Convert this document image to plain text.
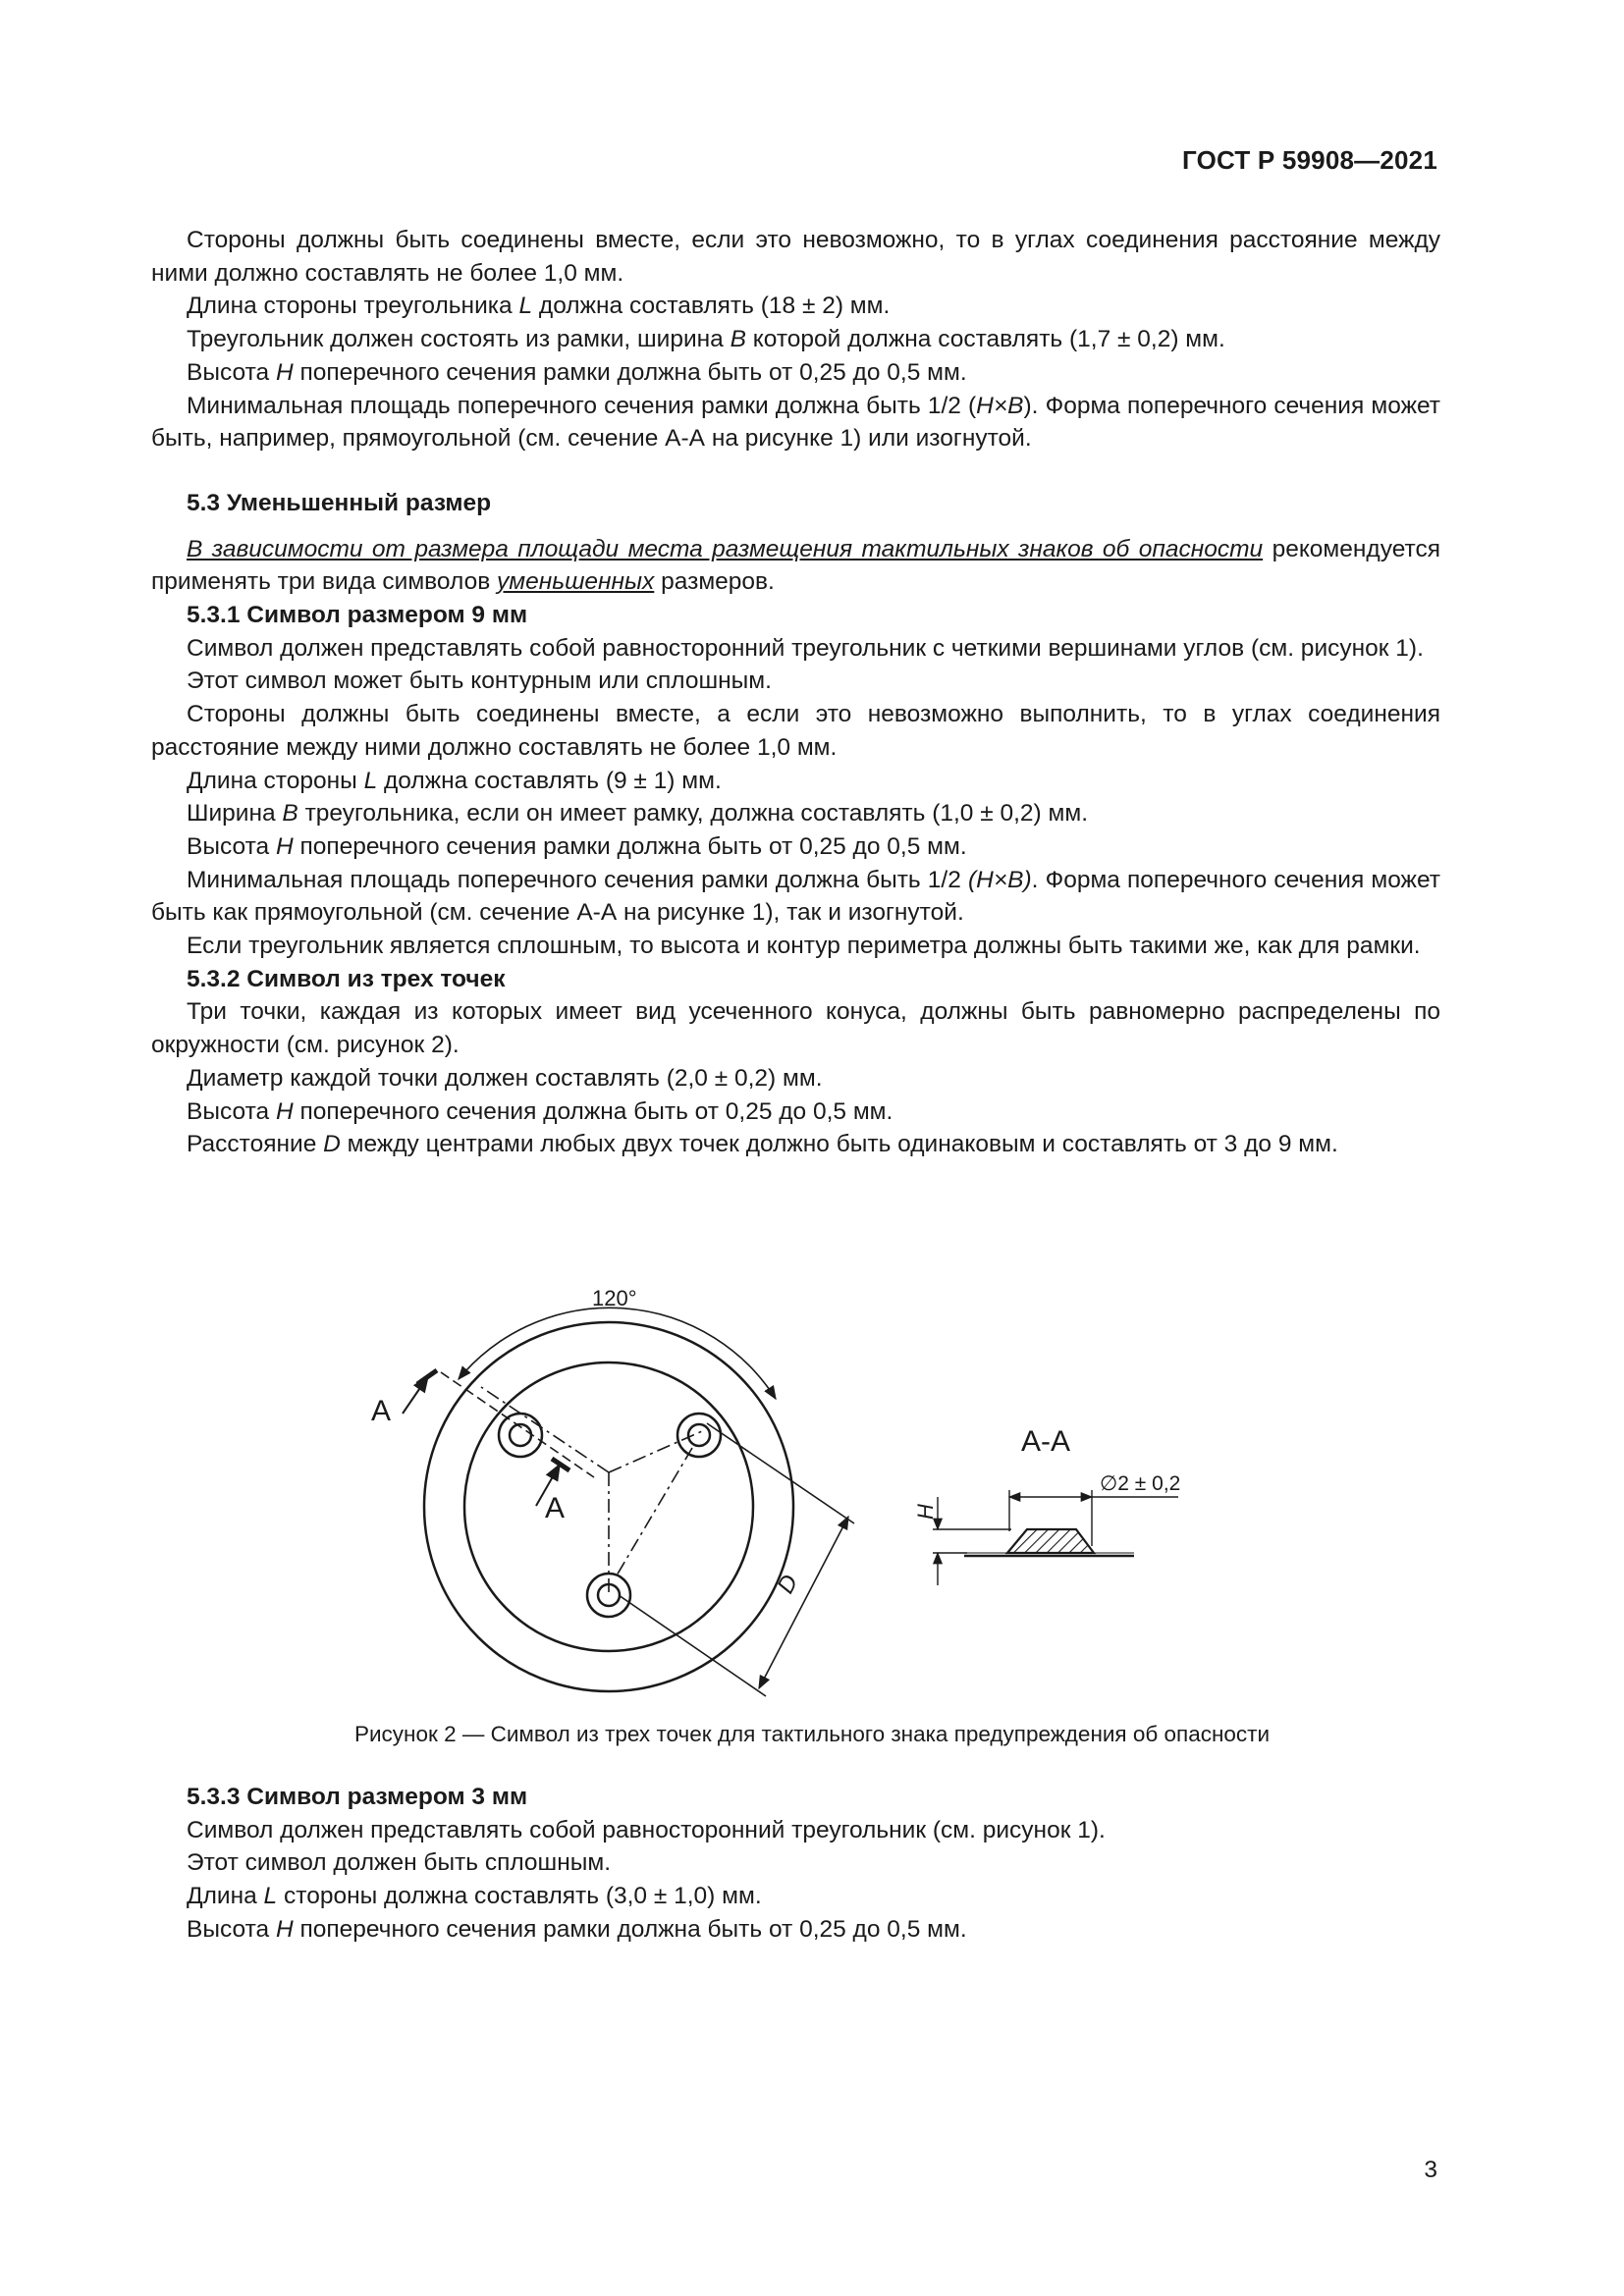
ГОСТ Р 59908—2021

Стороны должны быть соединены вместе, если это невозможно, то в углах соединения расстояние между ними должно составлять не более 1,0 мм.

Длина стороны треугольника L должна составлять (18 ± 2) мм.

Треугольник должен состоять из рамки, ширина B которой должна составлять (1,7 ± 0,2) мм.

Высота H поперечного сечения рамки должна быть от 0,25 до 0,5 мм.

Минимальная площадь поперечного сечения рамки должна быть 1/2 (H×B). Форма поперечного сечения может быть, например, прямоугольной (см. сечение А-А на рисунке 1) или изогнутой.

5.3 Уменьшенный размер

В зависимости от размера площади места размещения тактильных знаков об опасности рекомендуется применять три вида символов уменьшенных размеров.

5.3.1 Символ размером 9 мм

Символ должен представлять собой равносторонний треугольник с четкими вершинами углов (см. рисунок 1).

Этот символ может быть контурным или сплошным.

Стороны должны быть соединены вместе, а если это невозможно выполнить, то в углах соединения расстояние между ними должно составлять не более 1,0 мм.

Длина стороны L должна составлять (9 ± 1) мм.

Ширина B треугольника, если он имеет рамку, должна составлять (1,0 ± 0,2) мм.

Высота H поперечного сечения рамки должна быть от 0,25 до 0,5 мм.

Минимальная площадь поперечного сечения рамки должна быть 1/2 (H×B). Форма поперечного сечения может быть как прямоугольной (см. сечение А-А на рисунке 1), так и изогнутой.

Если треугольник является сплошным, то высота и контур периметра должны быть такими же, как для рамки.

5.3.2 Символ из трех точек

Три точки, каждая из которых имеет вид усеченного конуса, должны быть равномерно распределены по окружности (см. рисунок 2).

Диаметр каждой точки должен составлять (2,0 ± 0,2) мм.

Высота H поперечного сечения должна быть от 0,25 до 0,5 мм.

Расстояние D между центрами любых двух точек должно быть одинаковым и составлять от 3 до 9 мм.

120°
А
А
D
А-А
H
∅2 ± 0,2
Рисунок 2 — Символ из трех точек для тактильного знака предупреждения об опасности

5.3.3 Символ размером 3 мм

Символ должен представлять собой равносторонний треугольник (см. рисунок 1).

Этот символ должен быть сплошным.

Длина L стороны должна составлять (3,0 ± 1,0) мм.

Высота H поперечного сечения рамки должна быть от 0,25 до 0,5 мм.

3
